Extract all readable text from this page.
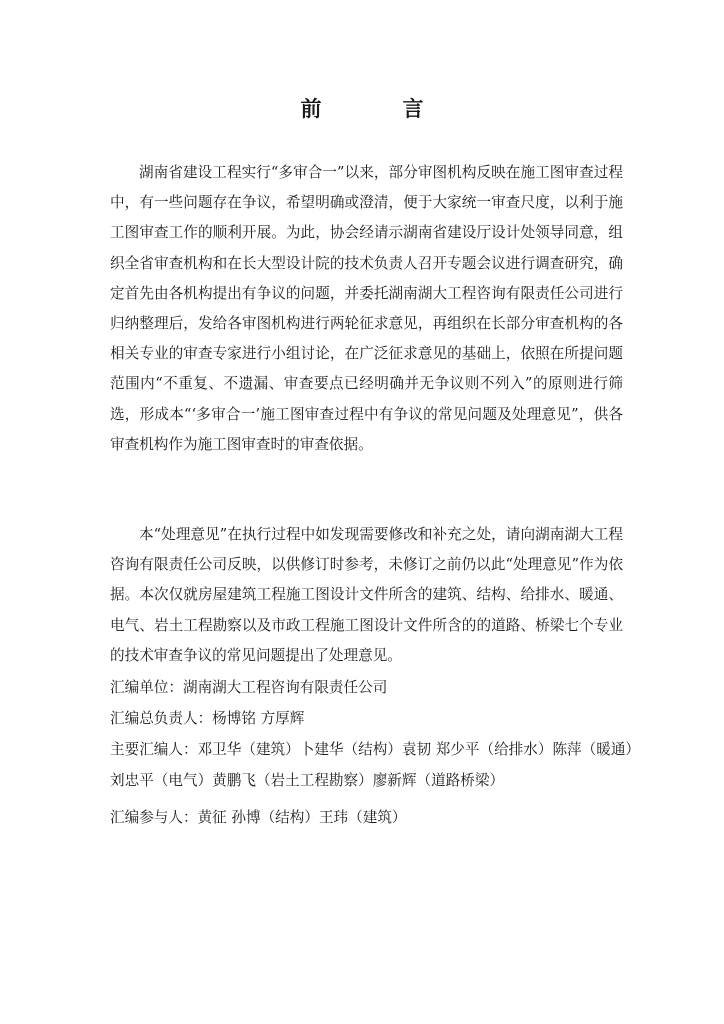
前　言
湖南省建设工程实行“多审合一”以来，部分审图机构反映在施工图审查过程中，有一些问题存在争议，希望明确或澄清，便于大家统一审查尺度，以利于施工图审查工作的顺利开展。为此，协会经请示湖南省建设厅设计处领导同意，组织全省审查机构和在长大型设计院的技术负责人召开专题会议进行调查研究，确定首先由各机构提出有争议的问题，并委托湖南湖大工程咨询有限责任公司进行归纳整理后，发给各审图机构进行两轮征求意见，再组织在长部分审查机构的各相关专业的审查专家进行小组讨论，在广泛征求意见的基础上，依照在所提问题范围内“不重复、不遗漏、审查要点已经明确并无争议则不列入”的原则进行筛选，形成本“‘多审合一’施工图审查过程中有争议的常见问题及处理意见”，供各审查机构作为施工图审查时的审查依据。
本“处理意见”在执行过程中如发现需要修改和补充之处，请向湖南湖大工程咨询有限责任公司反映，以供修订时参考，未修订之前仍以此“处理意见”作为依据。本次仅就房屋建筑工程施工图设计文件所含的建筑、结构、给排水、暖通、电气、岩土工程勘察以及市政工程施工图设计文件所含的的道路、桥梁七个专业的技术审查争议的常见问题提出了处理意见。
汇编单位：湖南湖大工程咨询有限责任公司
汇编总负责人：杨博铭 方厚辉
主要汇编人：邓卫华（建筑）卜建华（结构）袁韧 郑少平（给排水）陈萍（暖通）
刘忠平（电气）黄鹏飞（岩土工程勘察）廖新辉（道路桥梁）
汇编参与人：黄征 孙博（结构）王玮（建筑）
